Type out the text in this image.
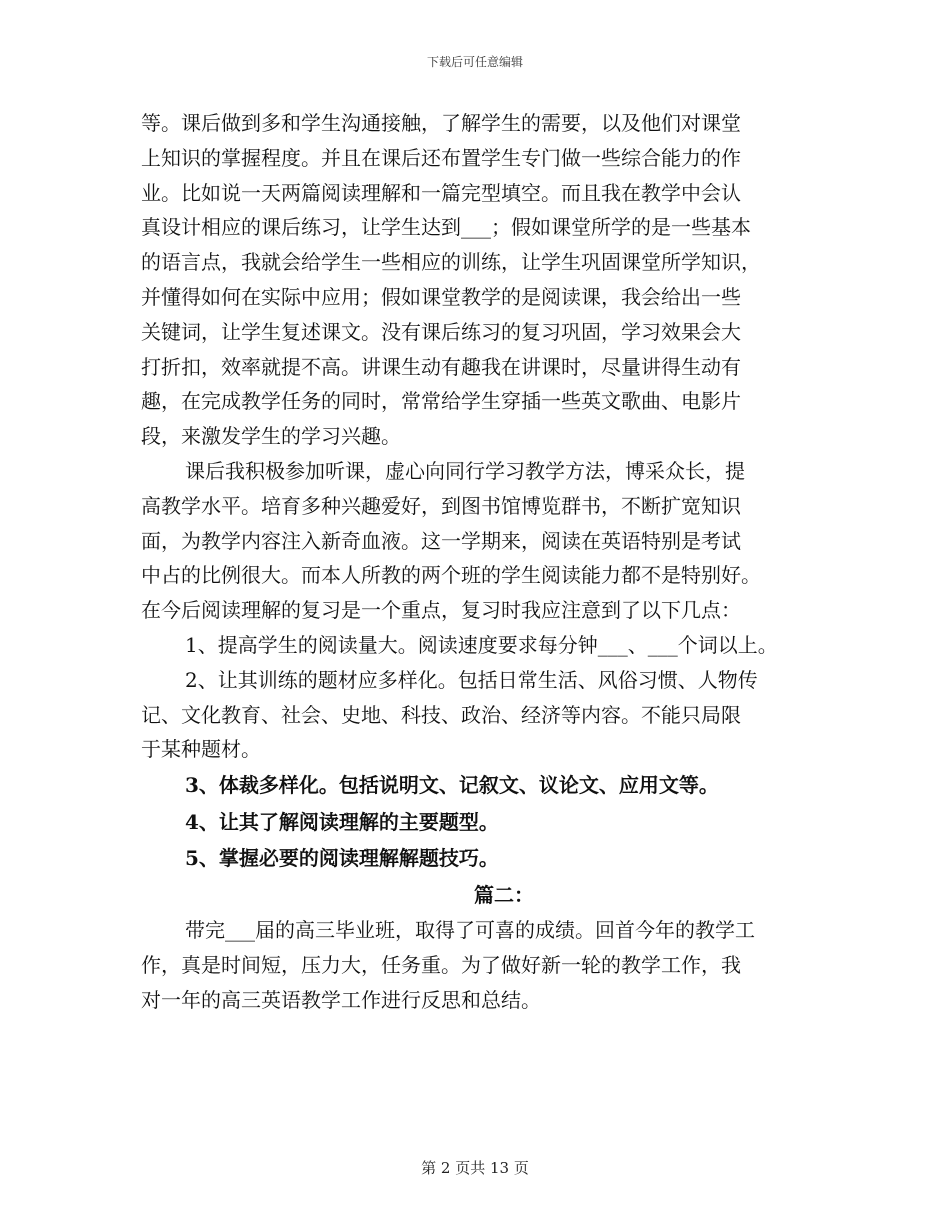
下载后可任意编辑
等。课后做到多和学生沟通接触，了解学生的需要，以及他们对课堂
上知识的掌握程度。并且在课后还布置学生专门做一些综合能力的作
业。比如说一天两篇阅读理解和一篇完型填空。而且我在教学中会认
真设计相应的课后练习，让学生达到___；假如课堂所学的是一些基本
的语言点，我就会给学生一些相应的训练，让学生巩固课堂所学知识，
并懂得如何在实际中应用；假如课堂教学的是阅读课，我会给出一些
关键词，让学生复述课文。没有课后练习的复习巩固，学习效果会大
打折扣，效率就提不高。讲课生动有趣我在讲课时，尽量讲得生动有
趣，在完成教学任务的同时，常常给学生穿插一些英文歌曲、电影片
段，来激发学生的学习兴趣。
课后我积极参加听课，虚心向同行学习教学方法，博采众长，提
高教学水平。培育多种兴趣爱好，到图书馆博览群书，不断扩宽知识
面，为教学内容注入新奇血液。这一学期来，阅读在英语特别是考试
中占的比例很大。而本人所教的两个班的学生阅读能力都不是特别好。
在今后阅读理解的复习是一个重点，复习时我应注意到了以下几点：
1、提高学生的阅读量大。阅读速度要求每分钟___、___个词以上。
2、让其训练的题材应多样化。包括日常生活、风俗习惯、人物传
记、文化教育、社会、史地、科技、政治、经济等内容。不能只局限
于某种题材。
3、体裁多样化。包括说明文、记叙文、议论文、应用文等。
4、让其了解阅读理解的主要题型。
5、掌握必要的阅读理解解题技巧。
篇二：
带完___届的高三毕业班，取得了可喜的成绩。回首今年的教学工
作，真是时间短，压力大，任务重。为了做好新一轮的教学工作，我
对一年的高三英语教学工作进行反思和总结。
第 2 页共 13 页
